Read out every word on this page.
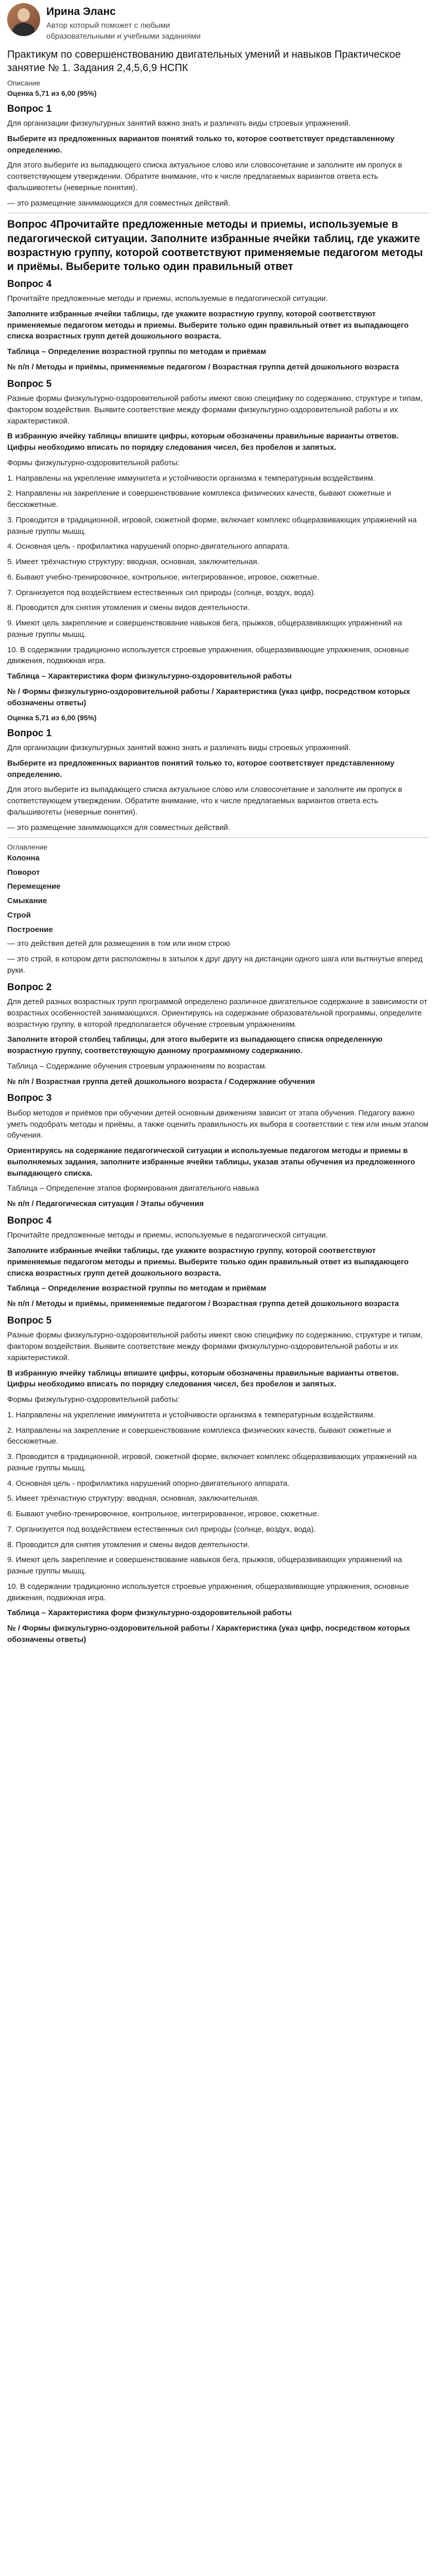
Ирина Эланс
Автор который поможет с любыми образовательными и учебными заданиями
Практикум по совершенствованию двигательных умений и навыков Практическое занятие № 1. Задания 2,4,5,6,9 НСПК
Описание
Оценка 5,71 из 6,00 (95%)
Вопрос 1

Для организации физкультурных занятий важно знать и различать виды строевых упражнений.

Выберите из предложенных вариантов понятий только то, которое соответствует представленному определению.

Для этого выберите из выпадающего списка актуальное слово или словосочетание и заполните им пропуск в соответствующем утверждении. Обратите внимание, что к числе предлагаемых вариантов ответа есть фальшивотеты (неверные понятия).

— это размещение занимающихся для совместных действий.

Вопрос 4Прочитайте предложенные методы и приемы, используемые в педагогической ситуации. Заполните избранные ячейки таблиц, где укажите возрастную группу, которой соответствуют применяемые педагогом методы и приёмы. Выберите только один правильный ответ
Вопрос 4

Прочитайте предложенные методы и приемы, используемые в педагогической ситуации.

Заполните избранные ячейки таблицы, где укажите возрастную группу, которой соответствуют применяемые педагогом методы и приемы. Выберите только один правильный ответ из выпадающего списка возрастных групп детей дошкольного возраста.

Таблица – Определение возрастной группы по методам и приёмам

№ п/п / Методы и приёмы, применяемые педагогом / Возрастная группа детей дошкольного возраста

Вопрос 5

Разные формы физкультурно-оздоровительной работы имеют свою специфику по содержанию, структуре и типам, фактором воздействия. Выявите соответствие между формами физкультурно-оздоровительной работы и их характеристикой.

В избранную ячейку таблицы впишите цифры, которым обозначены правильные варианты ответов. Цифры необходимо вписать по порядку следования чисел, без пробелов и запятых.

Формы физкультурно-оздоровительной работы:

1. Направлены на укрепление иммунитета и устойчивости организма к температурным воздействиям.
2. Направлены на закрепление и совершенствование комплекса физических качеств, бывают сюжетные и бессюжетные.
3. Проводится в традиционной, игровой, сюжетной форме, включает комплекс общеразвивающих упражнений на разные группы мышц.
4. Основная цель - профилактика нарушений опорно-двигательного аппарата.
5. Имеет трёхчастную структуру: вводная, основная, заключительная.
6. Бывают учебно-тренировочное, контрольное, интегрированное, игровое, сюжетные.
7. Организуется под воздействием естественных сил природы (солнце, воздух, вода).
8. Проводится для снятия утомления и смены видов деятельности.
9. Имеют цель закрепление и совершенствование навыков бега, прыжков, общеразвивающих упражнений на разные группы мышц.
10. В содержании традиционно используется строевые упражнения, общеразвивающие упражнения, основные движения, подвижная игра.

Таблица – Характеристика форм физкультурно-оздоровительной работы

№ / Формы физкультурно-оздоровительной работы / Характеристика (указ цифр, посредством которых обозначены ответы)

Оценка 5,71 из 6,00 (95%)
Вопрос 1

Для организации физкультурных занятий важно знать и различать виды строевых упражнений.

Выберите из предложенных вариантов понятий только то, которое соответствует представленному определению.

Для этого выберите из выпадающего списка актуальное слово или словосочетание и заполните им пропуск в соответствующем утверждении. Обратите внимание, что к числе предлагаемых вариантов ответа есть фальшивотеты (неверные понятия).

— это размещение занимающихся для совместных действий.

Оглавление
Колонна
Поворот
Перемещение
Смыкание
Строй
Построение

— это действия детей для размещения в том или ином строю

— это строй, в котором дети расположены в затылок к друг другу на дистанции одного шага или вытянутые вперед руки.

Вопрос 2

Для детей разных возрастных групп программой определено различное двигательное содержание в зависимости от возрастных особенностей занимающихся. Ориентируясь на содержание образовательной программы, определите возрастную группу, в которой предполагается обучение строевым упражнениям.

Заполните второй столбец таблицы, для этого выберите из выпадающего списка определенную возрастную группу, соответствующую данному программному содержанию.

Таблица – Содержание обучения строевым упражнениям по возрастам.

№ п/п / Возрастная группа детей дошкольного возраста / Содержание обучения

Вопрос 3

Выбор методов и приёмов при обучении детей основным движениям зависит от этапа обучения. Педагогу важно уметь подобрать методы и приёмы, а также оценить правильность их выбора в соответствии с тем или иным этапом обучения.

Ориентируясь на содержание педагогической ситуации и используемые педагогом методы и приемы в выполняемых задания, заполните избранные ячейки таблицы, указав этапы обучения из предложенного выпадающего списка.

Таблица – Определение этапов формирования двигательного навыка

№ п/п / Педагогическая ситуация / Этапы обучения

Вопрос 4

Прочитайте предложенные методы и приемы, используемые в педагогической ситуации.

Заполните избранные ячейки таблицы, где укажите возрастную группу, которой соответствуют применяемые педагогом методы и приемы. Выберите только один правильный ответ из выпадающего списка возрастных групп детей дошкольного возраста.

Таблица – Определение возрастной группы по методам и приёмам

№ п/п / Методы и приёмы, применяемые педагогом / Возрастная группа детей дошкольного возраста

Вопрос 5

Разные формы физкультурно-оздоровительной работы имеют свою специфику по содержанию, структуре и типам, фактором воздействия. Выявите соответствие между формами физкультурно-оздоровительной работы и их характеристикой.

В избранную ячейку таблицы впишите цифры, которым обозначены правильные варианты ответов. Цифры необходимо вписать по порядку следования чисел, без пробелов и запятых.

Формы физкультурно-оздоровительной работы:

1. Направлены на укрепление иммунитета и устойчивости организма к температурным воздействиям.
2. Направлены на закрепление и совершенствование комплекса физических качеств, бывают сюжетные и бессюжетные.
3. Проводится в традиционной, игровой, сюжетной форме, включает комплекс общеразвивающих упражнений на разные группы мышц.
4. Основная цель - профилактика нарушений опорно-двигательного аппарата.
5. Имеет трёхчастную структуру: вводная, основная, заключительная.
6. Бывают учебно-тренировочное, контрольное, интегрированное, игровое, сюжетные.
7. Организуется под воздействием естественных сил природы (солнце, воздух, вода).
8. Проводится для снятия утомления и смены видов деятельности.
9. Имеют цель закрепление и совершенствование навыков бега, прыжков, общеразвивающих упражнений на разные группы мышц.
10. В содержании традиционно используется строевые упражнения, общеразвивающие упражнения, основные движения, подвижная игра.

Таблица – Характеристика форм физкультурно-оздоровительной работы

№ / Формы физкультурно-оздоровительной работы / Характеристика (указ цифр, посредством которых обозначены ответы)
